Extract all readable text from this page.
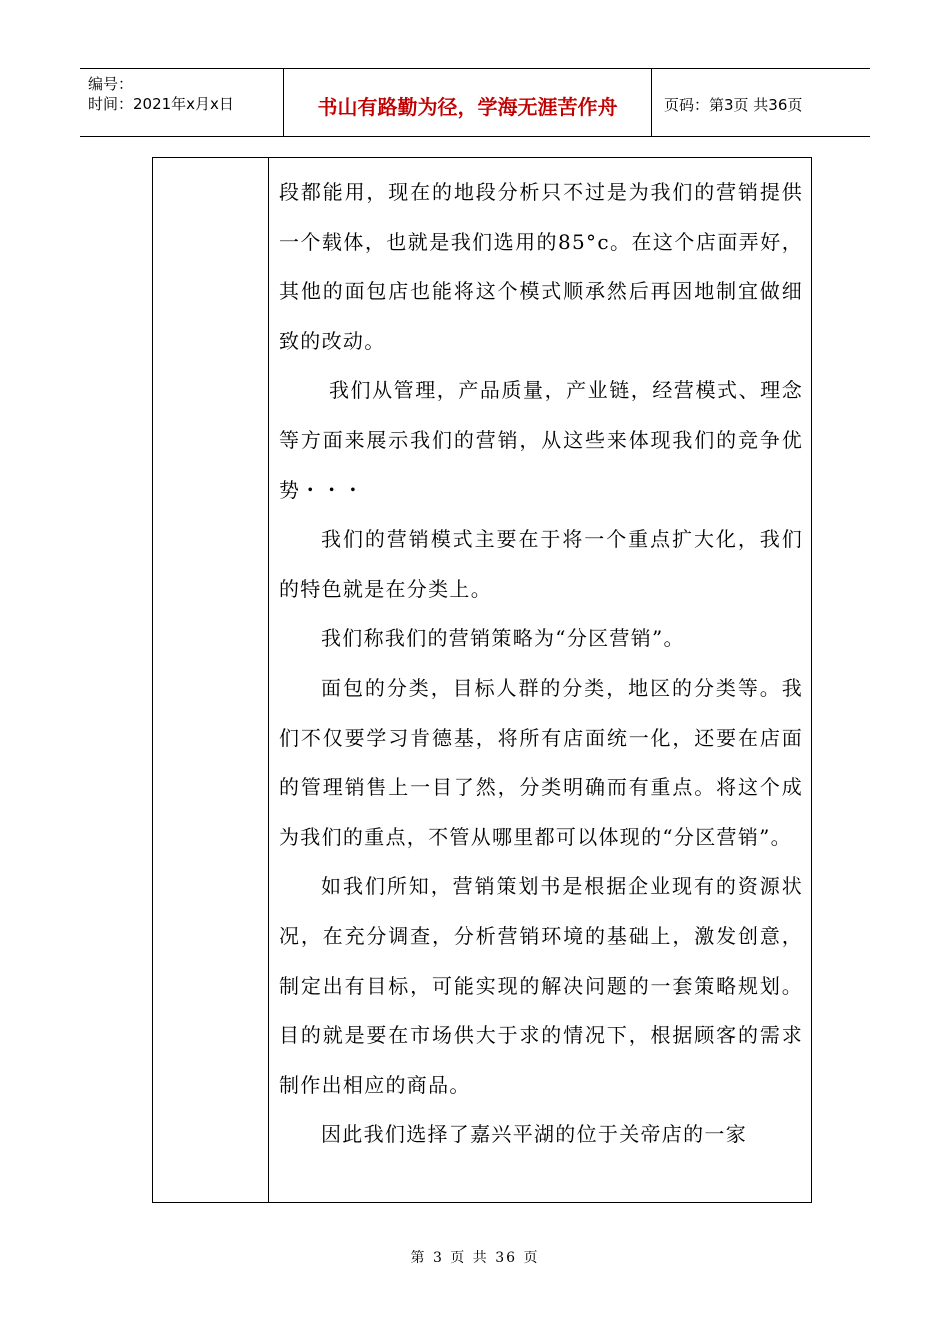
编号：
时间：2021年x月x日	书山有路勤为径，学海无涯苦作舟	页码：第3页 共36页

段都能用，现在的地段分析只不过是为我们的营销提供一个载体，也就是我们选用的85°c。在这个店面弄好，其他的面包店也能将这个模式顺承然后再因地制宜做细致的改动。

我们从管理，产品质量，产业链，经营模式、理念等方面来展示我们的营销，从这些来体现我们的竞争优势・・・

我们的营销模式主要在于将一个重点扩大化，我们的特色就是在分类上。

我们称我们的营销策略为“分区营销”。

面包的分类，目标人群的分类，地区的分类等。我们不仅要学习肯德基，将所有店面统一化，还要在店面的管理销售上一目了然，分类明确而有重点。将这个成为我们的重点，不管从哪里都可以体现的“分区营销”。

如我们所知，营销策划书是根据企业现有的资源状况，在充分调查，分析营销环境的基础上，激发创意，制定出有目标，可能实现的解决问题的一套策略规划。目的就是要在市场供大于求的情况下，根据顾客的需求制作出相应的商品。

因此我们选择了嘉兴平湖的位于关帝店的一家

第 3 页 共 36 页
